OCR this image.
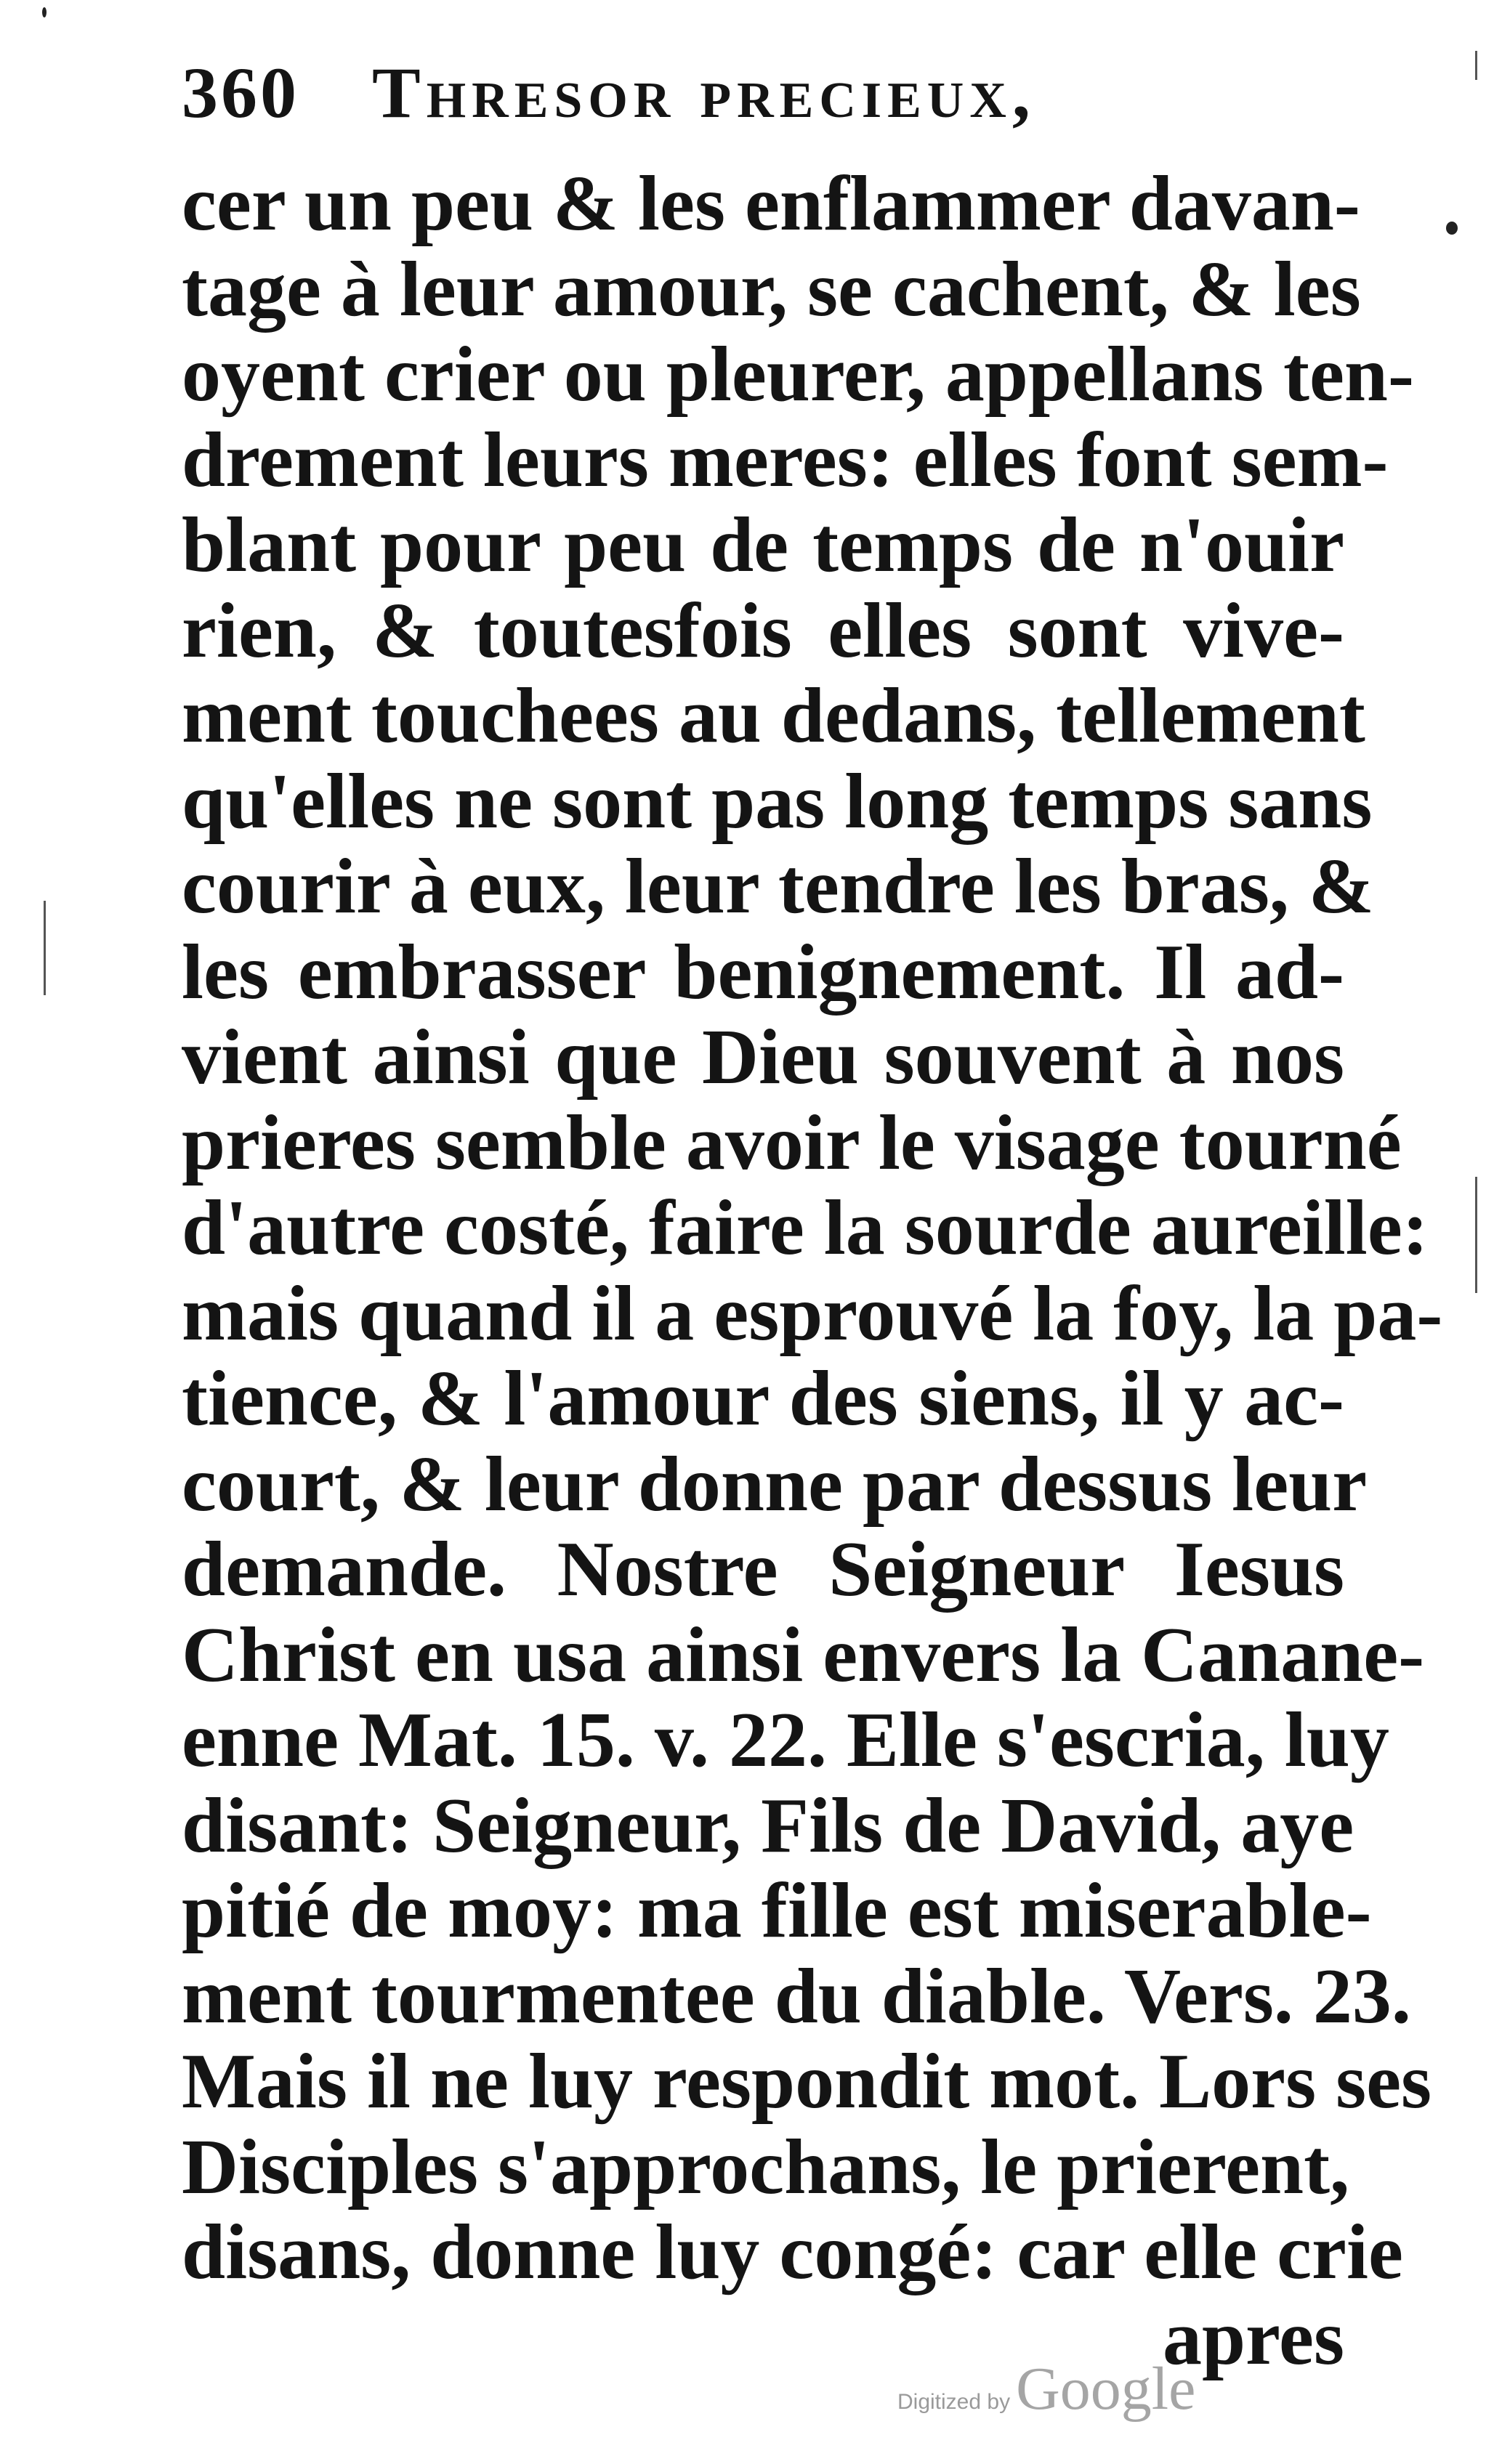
360 Thresor precieux,
cer un peu & les enflammer davan-
tage à leur amour, se cachent, & les
oyent crier ou pleurer, appellans ten-
drement leurs meres: elles font sem-
blant pour peu de temps de n'ouir
rien, & toutesfois elles sont vive-
ment touchees au dedans, tellement
qu'elles ne sont pas long temps sans
courir à eux, leur tendre les bras, &
les embrasser benignement. Il ad-
vient ainsi que Dieu souvent à nos
prieres semble avoir le visage tourné
d'autre costé, faire la sourde aureille:
mais quand il a esprouvé la foy, la pa-
tience, & l'amour des siens, il y ac-
court, & leur donne par dessus leur
demande. Nostre Seigneur Iesus
Christ en usa ainsi envers la Canane-
enne Mat. 15. v. 22. Elle s'escria, luy
disant: Seigneur, Fils de David, aye
pitié de moy: ma fille est miserable-
ment tourmentee du diable. Vers. 23.
Mais il ne luy respondit mot. Lors ses
Disciples s'approchans, le prierent,
disans, donne luy congé: car elle crie
apres
Digitized by Google
